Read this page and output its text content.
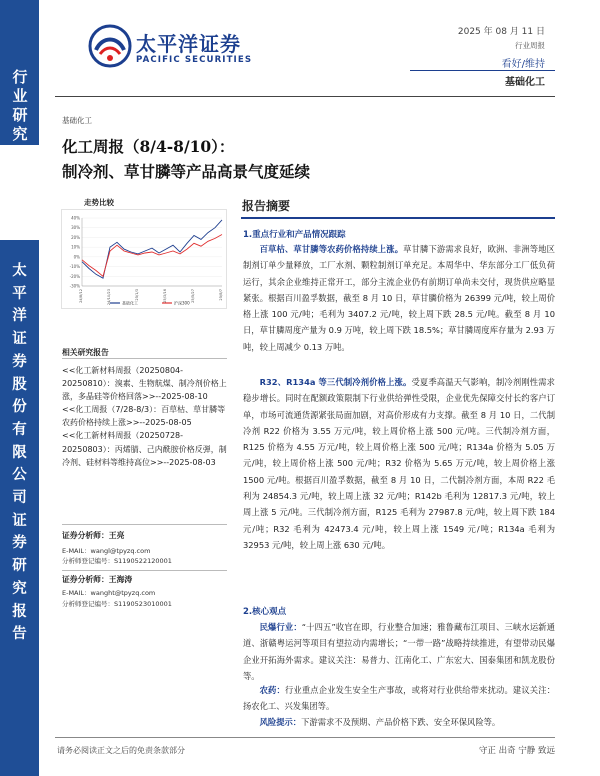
行业研究
太平洋证券股份有限公司证券研究报告
太平洋证券
PACIFIC SECURITIES
2025 年 08 月 11 日
行业周报
看好/维持
基础化工
基础化工
化工周报（8/4-8/10）：
制冷剂、草甘膦等产品高景气度延续
走势比较
40%
30%
20%
10%
0%
-10%
-20%
-30%
24/8/12	24/10/23	25/1/3	25/3/16	25/5/27	25/8/7
基础化工	沪深300
相关研究报告
<<化工新材料周报（20250804-20250810）：溴素、生物航煤、制冷剂价格上涨，多晶硅等价格回落>>--2025-08-10
<<化工周报（7/28-8/3）：百草枯、草甘膦等农药价格持续上涨>>--2025-08-05
<<化工新材料周报（20250728-20250803）：丙烯腈、己内酰胺价格反弹，制冷剂、硅材料等维持高位>>--2025-08-03
证券分析师：王亮
E-MAIL：wangl@tpyzq.com
分析师登记编号：S1190522120001
证券分析师：王海涛
E-MAIL：wanght@tpyzq.com
分析师登记编号：S1190523010001
报告摘要
1.重点行业和产品情况跟踪
百草枯、草甘膦等农药价格持续上涨。草甘膦下游需求良好，欧洲、非洲等地区制剂订单少量释放，工厂水剂、颗粒制剂订单充足。本周华中、华东部分工厂低负荷运行，其余企业维持正常开工，部分主流企业仍有前期订单尚未交付，现货供应略显紧张。根据百川盈孚数据，截至 8 月 10 日，草甘膦价格为 26399 元/吨，较上周价格上涨 100 元/吨；毛利为 3407.2 元/吨，较上周下跌 28.5 元/吨。截至 8 月 10 日，草甘膦周度产量为 0.9 万吨，较上周下跌 18.5%；草甘膦周度库存量为 2.93 万吨，较上周减少 0.13 万吨。
R32、R134a 等三代制冷剂价格上涨。受夏季高温天气影响，制冷剂刚性需求稳步增长。同时在配额政策限制下行业供给弹性受限，企业优先保障交付长约客户订单，市场可流通货源紧张局面加剧，对高价形成有力支撑。截至 8 月 10 日，二代制冷剂 R22 价格为 3.55 万元/吨，较上周价格上涨 500 元/吨。三代制冷剂方面，R125 价格为 4.55 万元/吨，较上周价格上涨 500 元/吨；R134a 价格为 5.05 万元/吨，较上周价格上涨 500 元/吨；R32 价格为 5.65 万元/吨，较上周价格上涨 1500 元/吨。根据百川盈孚数据，截至 8 月 10 日，二代制冷剂方面，本周 R22 毛利为 24854.3 元/吨，较上周上涨 32 元/吨；R142b 毛利为 12817.3 元/吨，较上周上涨 5 元/吨。三代制冷剂方面，R125 毛利为 27987.8 元/吨，较上周下跌 184 元/吨；R32 毛利为 42473.4 元/吨，较上周上涨 1549 元/吨；R134a 毛利为 32953 元/吨，较上周上涨 630 元/吨。
2.核心观点
民爆行业：“十四五”收官在即，行业整合加速；雅鲁藏布江项目、三峡水运新通道、浙赣粤运河等项目有望拉动内需增长；“一带一路”战略持续推进，有望带动民爆企业开拓海外需求。建议关注：易普力、江南化工、广东宏大、国泰集团和凯龙股份等。
农药：行业重点企业发生安全生产事故，或将对行业供给带来扰动。建议关注：扬农化工、兴发集团等。
风险提示：下游需求不及预期、产品价格下跌、安全环保风险等。
请务必阅读正文之后的免责条款部分	守正 出奇 宁静 致远
